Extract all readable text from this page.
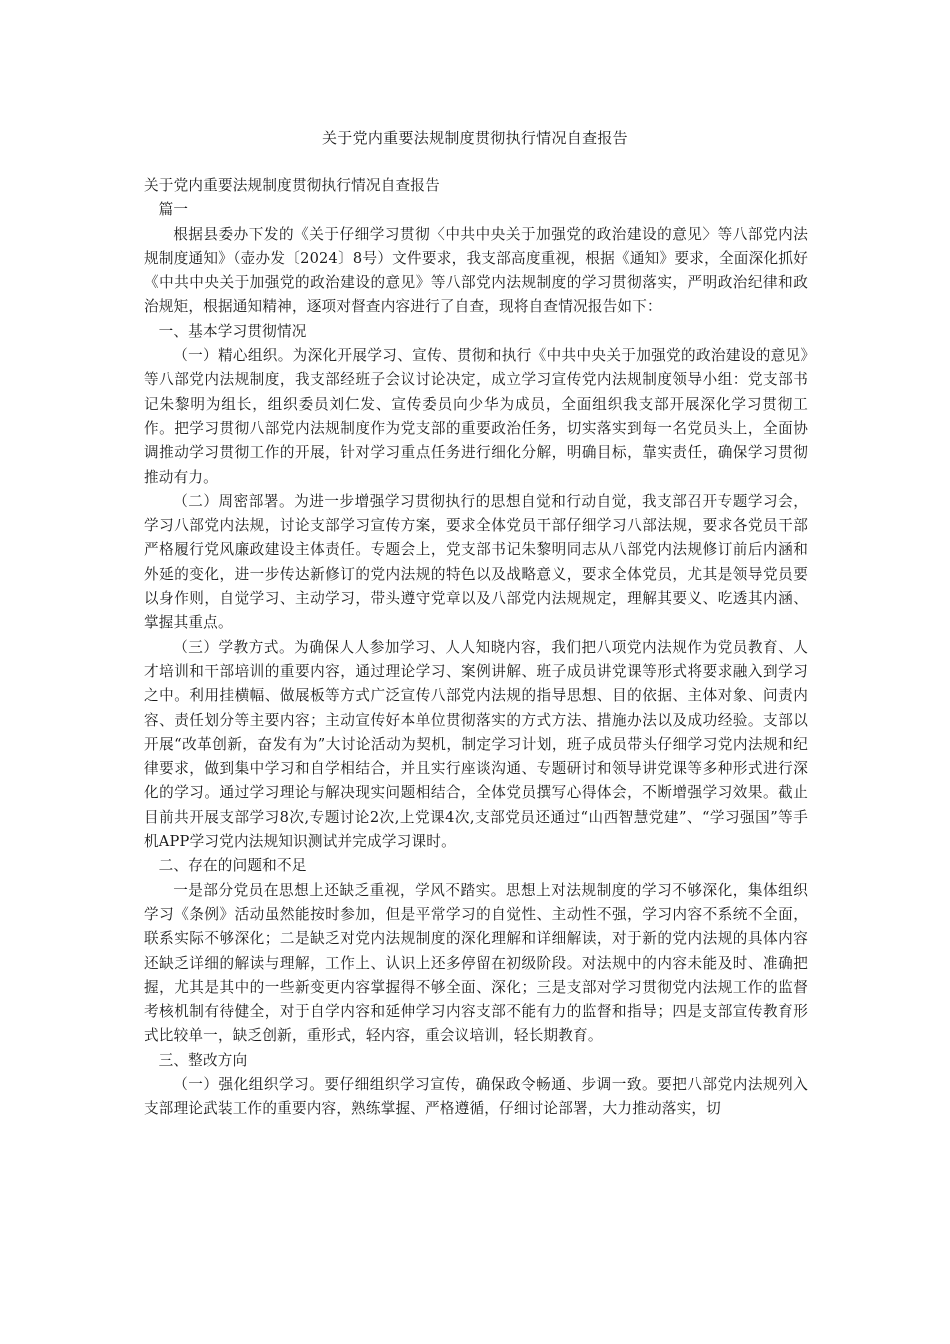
关于党内重要法规制度贯彻执行情况自查报告

关于党内重要法规制度贯彻执行情况自查报告

篇一

根据县委办下发的《关于仔细学习贯彻〈中共中央关于加强党的政治建设的意见〉等八部党内法规制度通知》（壶办发〔2024〕8号）文件要求，我支部高度重视，根据《通知》要求，全面深化抓好《中共中央关于加强党的政治建设的意见》等八部党内法规制度的学习贯彻落实，严明政治纪律和政治规矩，根据通知精神，逐项对督查内容进行了自查，现将自查情况报告如下：

一、基本学习贯彻情况

（一）精心组织。为深化开展学习、宣传、贯彻和执行《中共中央关于加强党的政治建设的意见》等八部党内法规制度，我支部经班子会议讨论决定，成立学习宣传党内法规制度领导小组：党支部书记朱黎明为组长，组织委员刘仁发、宣传委员向少华为成员，全面组织我支部开展深化学习贯彻工作。把学习贯彻八部党内法规制度作为党支部的重要政治任务，切实落实到每一名党员头上，全面协调推动学习贯彻工作的开展，针对学习重点任务进行细化分解，明确目标，靠实责任，确保学习贯彻推动有力。

（二）周密部署。为进一步增强学习贯彻执行的思想自觉和行动自觉，我支部召开专题学习会，学习八部党内法规，讨论支部学习宣传方案，要求全体党员干部仔细学习八部法规，要求各党员干部严格履行党风廉政建设主体责任。专题会上，党支部书记朱黎明同志从八部党内法规修订前后内涵和外延的变化，进一步传达新修订的党内法规的特色以及战略意义，要求全体党员，尤其是领导党员要以身作则，自觉学习、主动学习，带头遵守党章以及八部党内法规规定，理解其要义、吃透其内涵、掌握其重点。

（三）学教方式。为确保人人参加学习、人人知晓内容，我们把八项党内法规作为党员教育、人才培训和干部培训的重要内容，通过理论学习、案例讲解、班子成员讲党课等形式将要求融入到学习之中。利用挂横幅、做展板等方式广泛宣传八部党内法规的指导思想、目的依据、主体对象、问责内容、责任划分等主要内容；主动宣传好本单位贯彻落实的方式方法、措施办法以及成功经验。支部以开展“改革创新，奋发有为”大讨论活动为契机，制定学习计划，班子成员带头仔细学习党内法规和纪律要求，做到集中学习和自学相结合，并且实行座谈沟通、专题研讨和领导讲党课等多种形式进行深化的学习。通过学习理论与解决现实问题相结合，全体党员撰写心得体会，不断增强学习效果。截止目前共开展支部学习8次,专题讨论2次,上党课4次,支部党员还通过“山西智慧党建”、“学习强国”等手机APP学习党内法规知识测试并完成学习课时。

二、存在的问题和不足

一是部分党员在思想上还缺乏重视，学风不踏实。思想上对法规制度的学习不够深化，集体组织学习《条例》活动虽然能按时参加，但是平常学习的自觉性、主动性不强，学习内容不系统不全面，联系实际不够深化；二是缺乏对党内法规制度的深化理解和详细解读，对于新的党内法规的具体内容还缺乏详细的解读与理解，工作上、认识上还多停留在初级阶段。对法规中的内容未能及时、准确把握，尤其是其中的一些新变更内容掌握得不够全面、深化；三是支部对学习贯彻党内法规工作的监督考核机制有待健全，对于自学内容和延伸学习内容支部不能有力的监督和指导；四是支部宣传教育形式比较单一，缺乏创新，重形式，轻内容，重会议培训，轻长期教育。

三、整改方向

（一）强化组织学习。要仔细组织学习宣传，确保政令畅通、步调一致。要把八部党内法规列入支部理论武装工作的重要内容，熟练掌握、严格遵循，仔细讨论部署，大力推动落实，切
